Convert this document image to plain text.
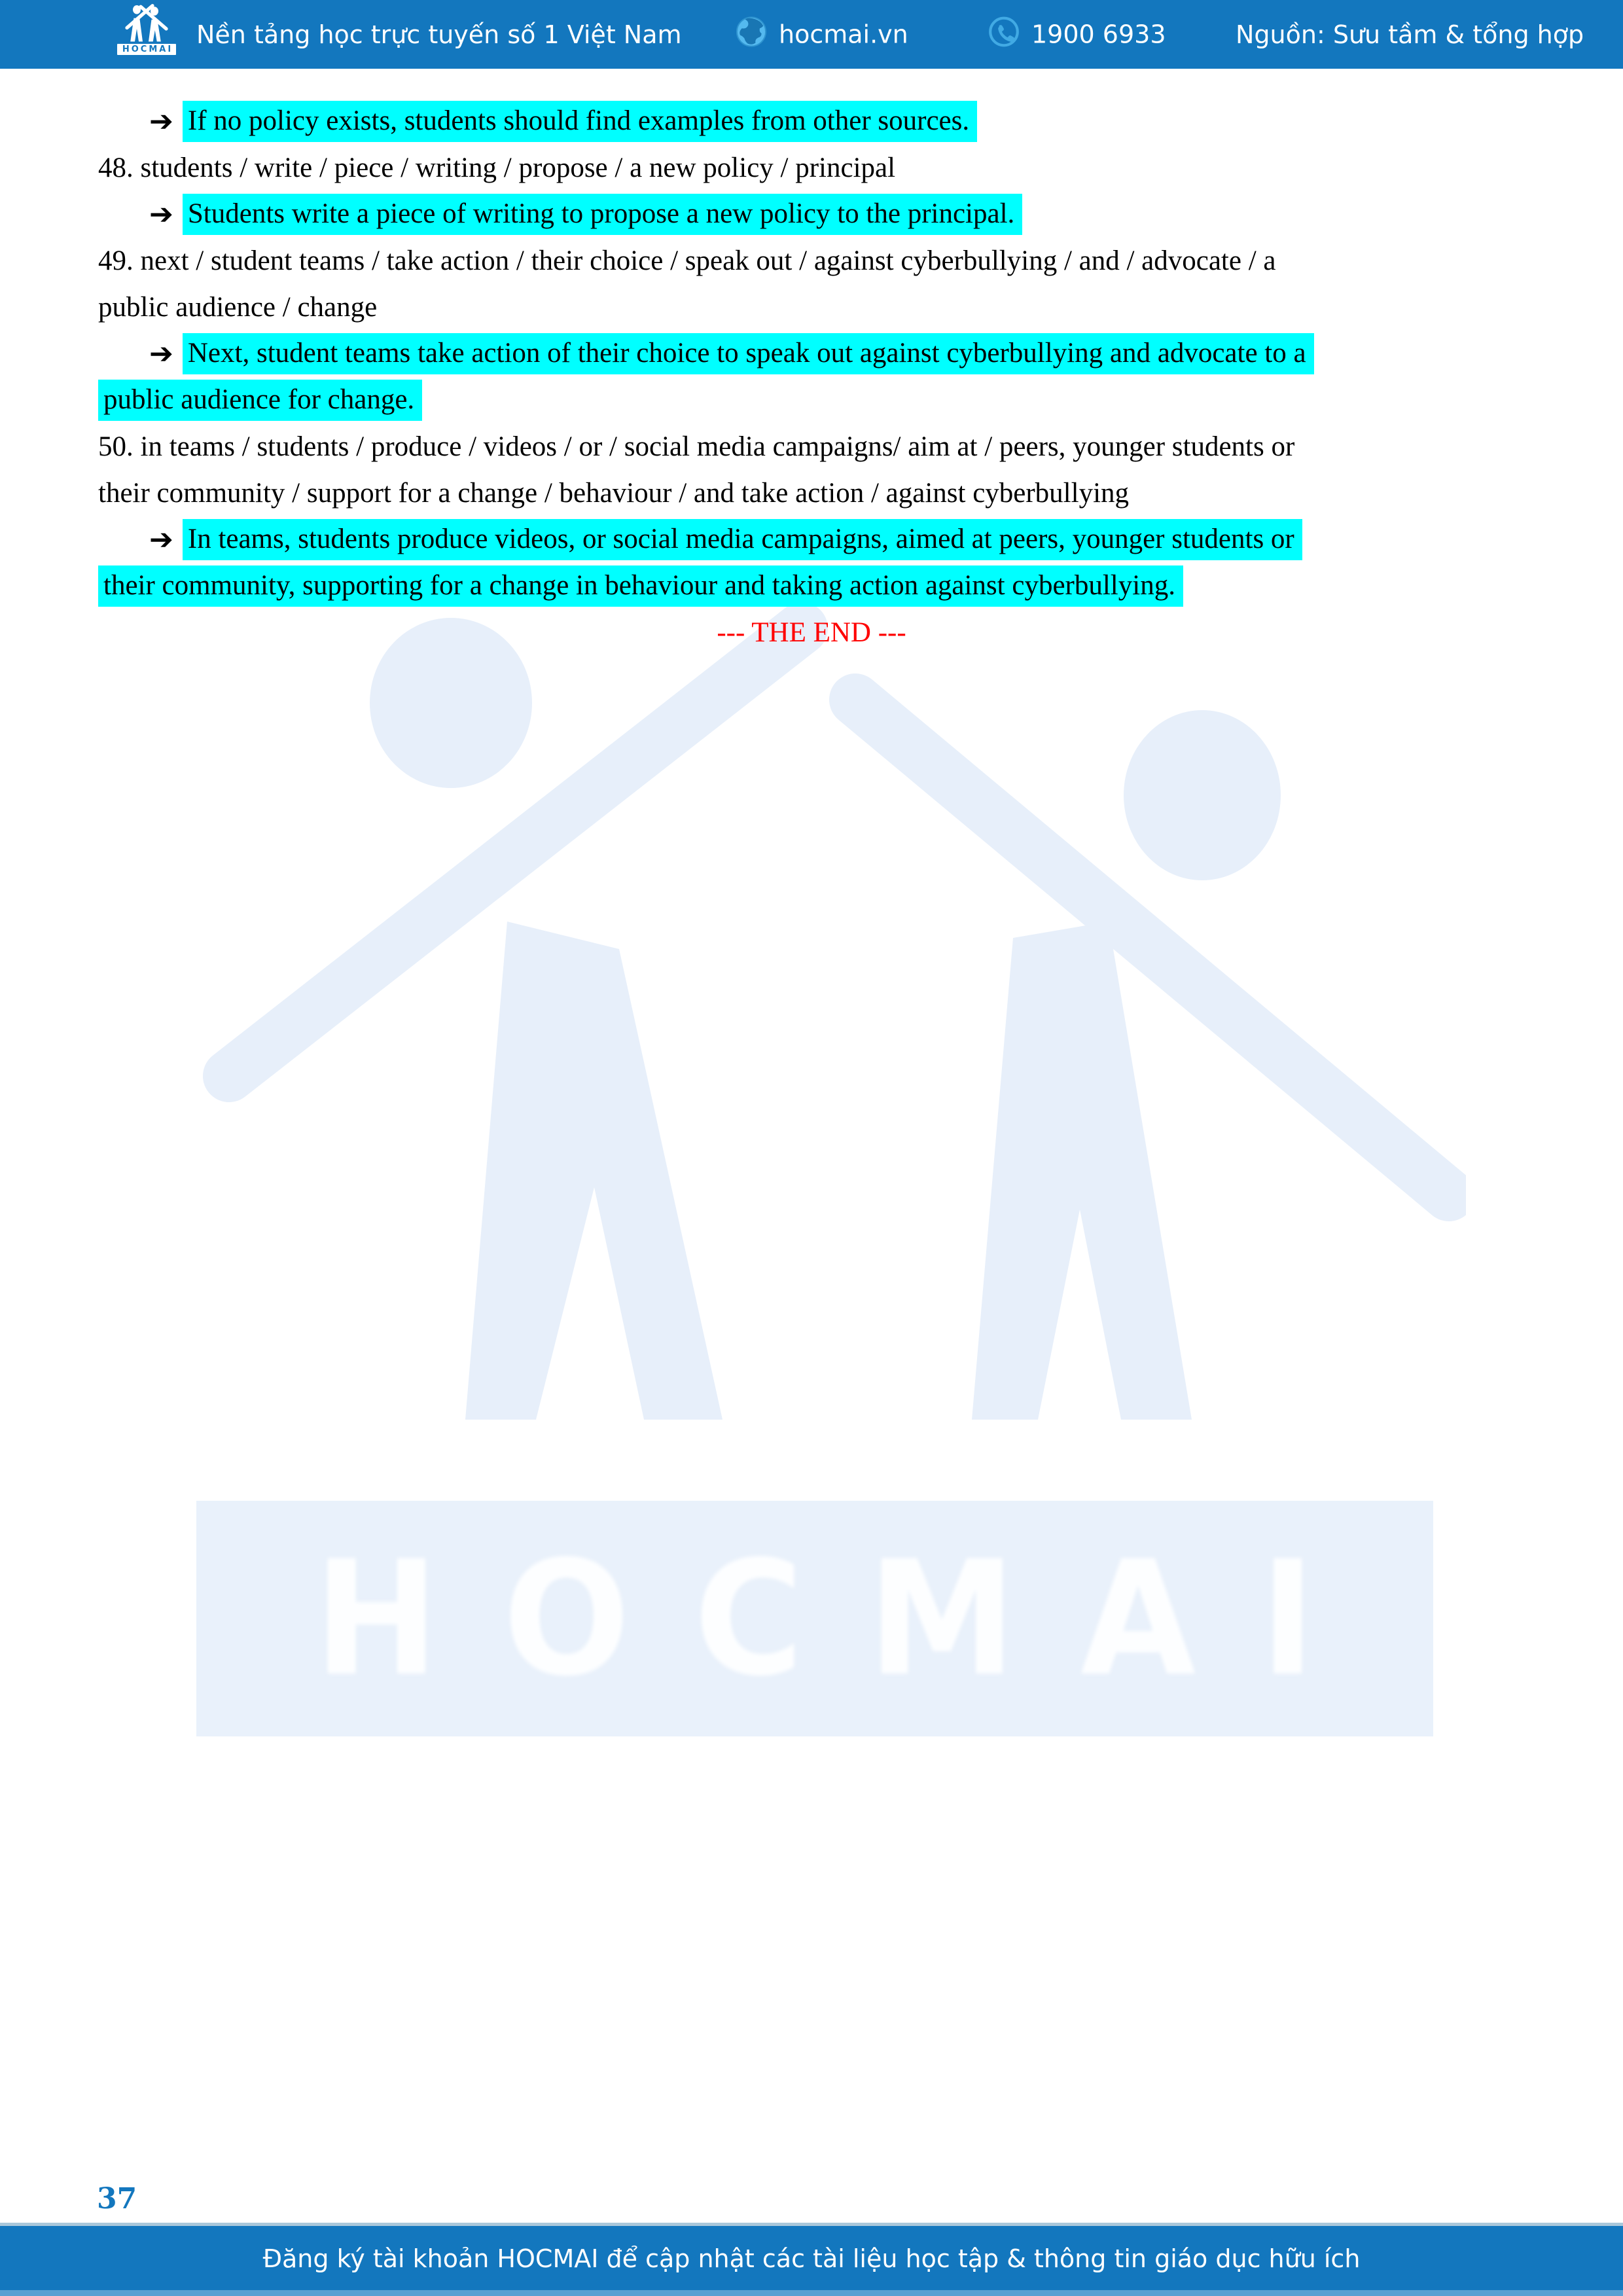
HOCMAI
Nền tảng học trực tuyến số 1 Việt Nam	hocmai.vn	1900 6933	Nguồn: Sưu tầm & tổng hợp
HOCMAI
➔ If no policy exists, students should find examples from other sources.
48. students / write / piece / writing / propose / a new policy / principal
➔ Students write a piece of writing to propose a new policy to the principal.
49. next / student teams / take action / their choice / speak out / against cyberbullying / and / advocate / a
public audience / change
➔ Next, student teams take action of their choice to speak out against cyberbullying and advocate to a
public audience for change.
50. in teams / students / produce / videos / or / social media campaigns/ aim at / peers, younger students or
their community / support for a change / behaviour / and take action / against cyberbullying
➔ In teams, students produce videos, or social media campaigns, aimed at peers, younger students or
their community, supporting for a change in behaviour and taking action against cyberbullying.
--- THE END ---
37
Đăng ký tài khoản HOCMAI để cập nhật các tài liệu học tập & thông tin giáo dục hữu ích
